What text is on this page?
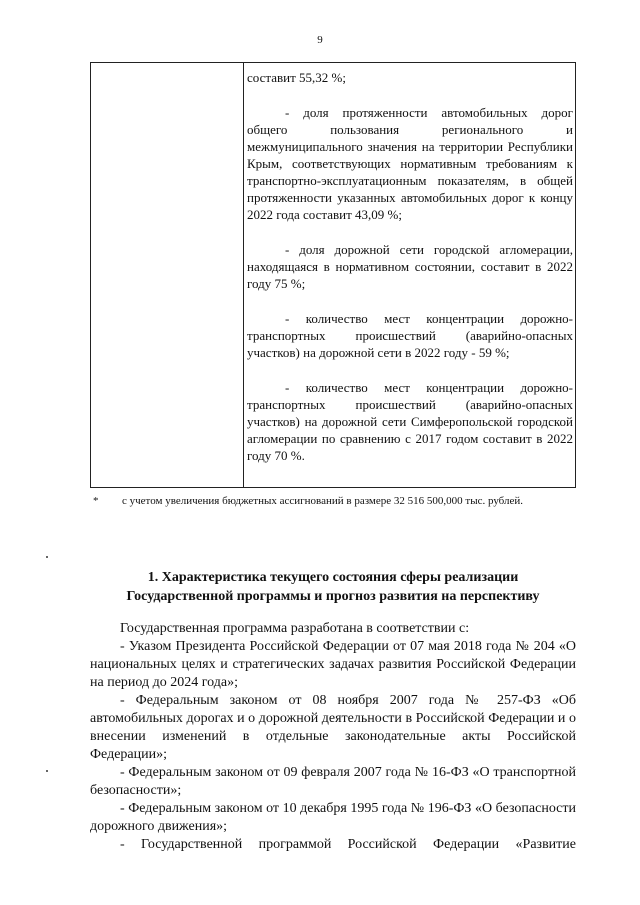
9

составит 55,32 %;

- доля протяженности автомобильных дорог общего пользования регионального и межмуниципального значения на территории Республики Крым, соответствующих нормативным требованиям к транспортно-эксплуатационным показателям, в общей протяженности указанных автомобильных дорог к концу 2022 года составит 43,09 %;

- доля дорожной сети городской агломерации, находящаяся в нормативном состоянии, составит в 2022 году 75 %;

- количество мест концентрации дорожно-транспортных происшествий (аварийно-опасных участков) на дорожной сети в 2022 году - 59 %;

- количество мест концентрации дорожно-транспортных происшествий (аварийно-опасных участков) на дорожной сети Симферопольской городской агломерации по сравнению с 2017 годом составит в 2022 году 70 %.

* с учетом увеличения бюджетных ассигнований в размере 32 516 500,000 тыс. рублей.
1. Характеристика текущего состояния сферы реализации
Государственной программы и прогноз развития на перспективу

Государственная программа разработана в соответствии с:

- Указом Президента Российской Федерации от 07 мая 2018 года № 204 «О национальных целях и стратегических задачах развития Российской Федерации на период до 2024 года»;

- Федеральным законом от 08 ноября 2007 года № 257-ФЗ «Об автомобильных дорогах и о дорожной деятельности в Российской Федерации и о внесении изменений в отдельные законодательные акты Российской Федерации»;

- Федеральным законом от 09 февраля 2007 года № 16-ФЗ «О транспортной безопасности»;

- Федеральным законом от 10 декабря 1995 года № 196-ФЗ «О безопасности дорожного движения»;

- Государственной программой Российской Федерации «Развитие
